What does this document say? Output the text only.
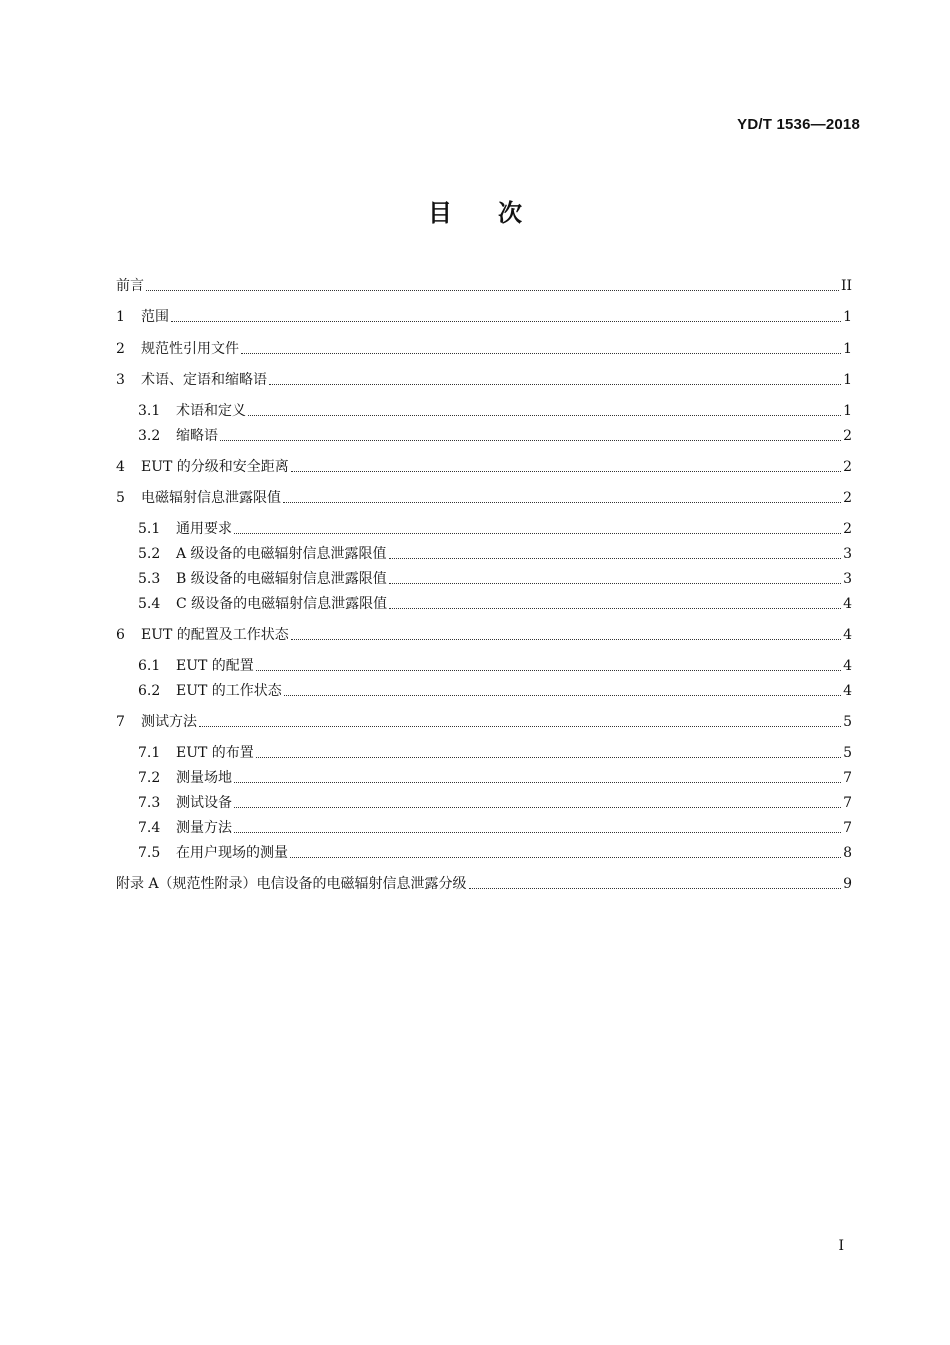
YD/T 1536—2018
目次
前言	II
1	范围	1
2	规范性引用文件	1
3	术语、定语和缩略语	1
3.1	术语和定义	1
3.2	缩略语	2
4	EUT 的分级和安全距离	2
5	电磁辐射信息泄露限值	2
5.1	通用要求	2
5.2	A 级设备的电磁辐射信息泄露限值	3
5.3	B 级设备的电磁辐射信息泄露限值	3
5.4	C 级设备的电磁辐射信息泄露限值	4
6	EUT 的配置及工作状态	4
6.1	EUT 的配置	4
6.2	EUT 的工作状态	4
7	测试方法	5
7.1	EUT 的布置	5
7.2	测量场地	7
7.3	测试设备	7
7.4	测量方法	7
7.5	在用户现场的测量	8
附录 A（规范性附录）电信设备的电磁辐射信息泄露分级	9
I
